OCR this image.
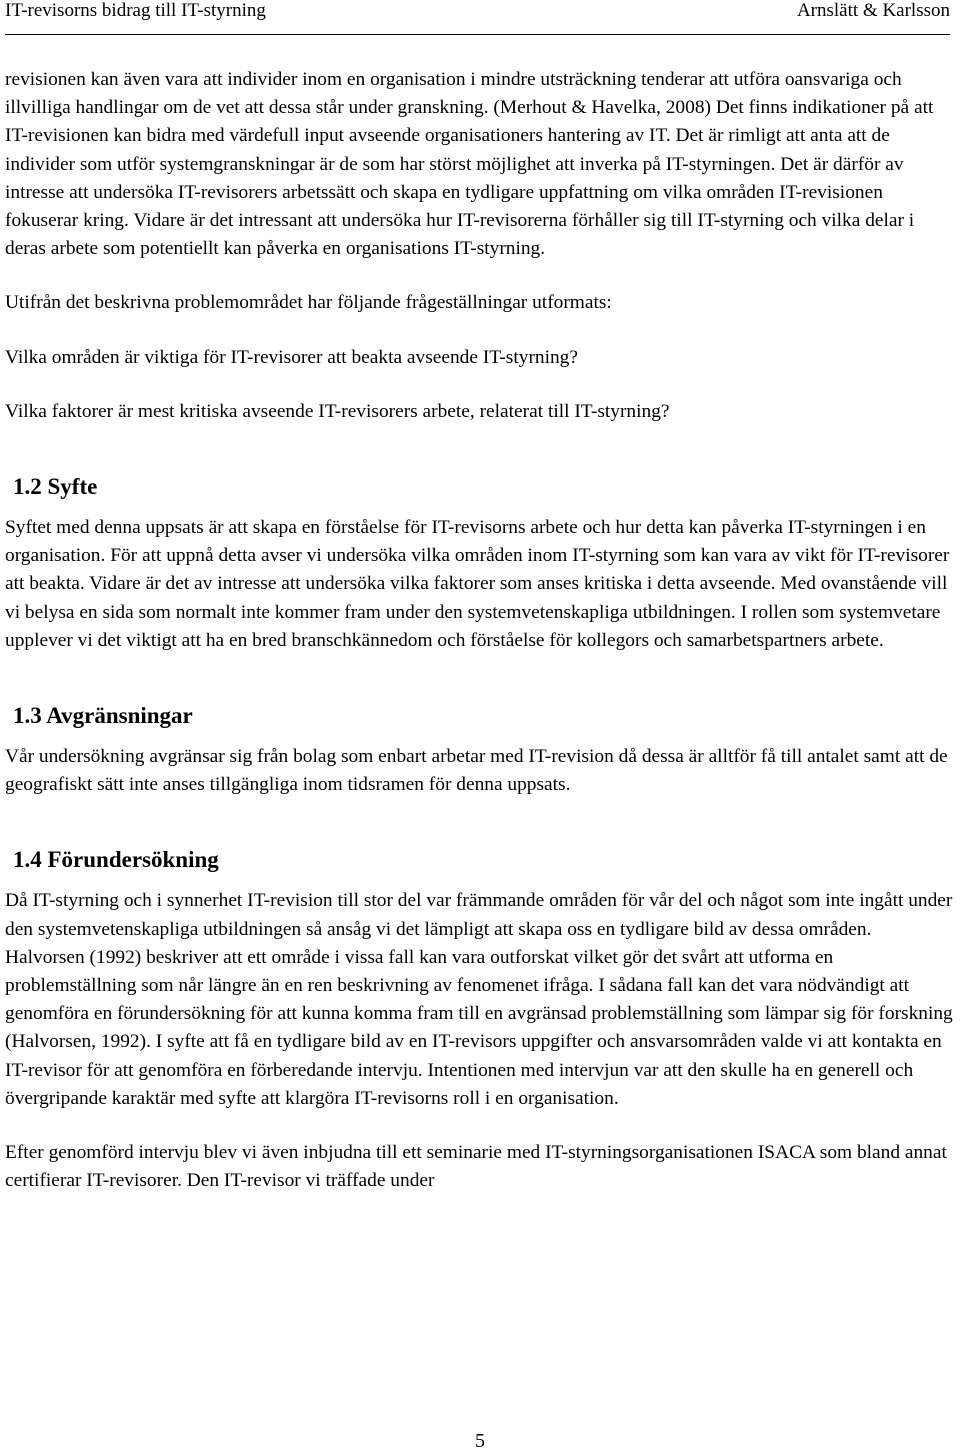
IT-revisorns bidrag till IT-styrning	Arnslätt & Karlsson

revisionen kan även vara att individer inom en organisation i mindre utsträckning tenderar att utföra oansvariga och illvilliga handlingar om de vet att dessa står under granskning. (Merhout & Havelka, 2008) Det finns indikationer på att IT-revisionen kan bidra med värdefull input avseende organisationers hantering av IT. Det är rimligt att anta att de individer som utför systemgranskningar är de som har störst möjlighet att inverka på IT-styrningen. Det är därför av intresse att undersöka IT-revisorers arbetssätt och skapa en tydligare uppfattning om vilka områden IT-revisionen fokuserar kring. Vidare är det intressant att undersöka hur IT-revisorerna förhåller sig till IT-styrning och vilka delar i deras arbete som potentiellt kan påverka en organisations IT-styrning.

Utifrån det beskrivna problemområdet har följande frågeställningar utformats:

Vilka områden är viktiga för IT-revisorer att beakta avseende IT-styrning?

Vilka faktorer är mest kritiska avseende IT-revisorers arbete, relaterat till IT-styrning?

1.2 Syfte

Syftet med denna uppsats är att skapa en förståelse för IT-revisorns arbete och hur detta kan påverka IT-styrningen i en organisation. För att uppnå detta avser vi undersöka vilka områden inom IT-styrning som kan vara av vikt för IT-revisorer att beakta. Vidare är det av intresse att undersöka vilka faktorer som anses kritiska i detta avseende. Med ovanstående vill vi belysa en sida som normalt inte kommer fram under den systemvetenskapliga utbildningen. I rollen som systemvetare upplever vi det viktigt att ha en bred branschkännedom och förståelse för kollegors och samarbetspartners arbete.

1.3 Avgränsningar

Vår undersökning avgränsar sig från bolag som enbart arbetar med IT-revision då dessa är alltför få till antalet samt att de geografiskt sätt inte anses tillgängliga inom tidsramen för denna uppsats.

1.4 Förundersökning

Då IT-styrning och i synnerhet IT-revision till stor del var främmande områden för vår del och något som inte ingått under den systemvetenskapliga utbildningen så ansåg vi det lämpligt att skapa oss en tydligare bild av dessa områden. Halvorsen (1992) beskriver att ett område i vissa fall kan vara outforskat vilket gör det svårt att utforma en problemställning som når längre än en ren beskrivning av fenomenet ifråga. I sådana fall kan det vara nödvändigt att genomföra en förundersökning för att kunna komma fram till en avgränsad problemställning som lämpar sig för forskning (Halvorsen, 1992). I syfte att få en tydligare bild av en IT-revisors uppgifter och ansvarsområden valde vi att kontakta en IT-revisor för att genomföra en förberedande intervju. Intentionen med intervjun var att den skulle ha en generell och övergripande karaktär med syfte att klargöra IT-revisorns roll i en organisation.

Efter genomförd intervju blev vi även inbjudna till ett seminarie med IT-styrningsorganisationen ISACA som bland annat certifierar IT-revisorer. Den IT-revisor vi träffade under

5
